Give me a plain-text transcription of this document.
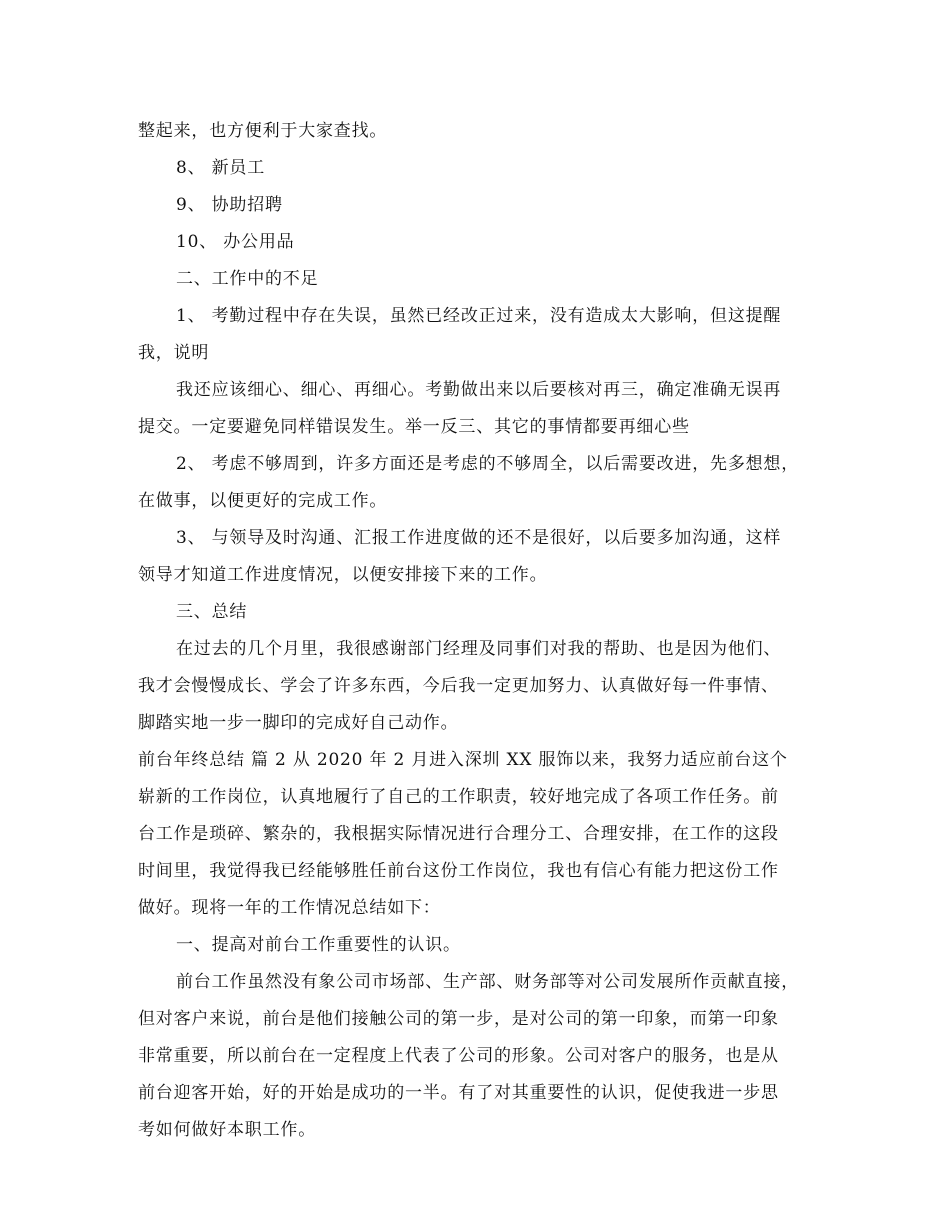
整起来，也方便利于大家查找。
8、 新员工
9、 协助招聘
10、 办公用品
二、工作中的不足
1、 考勤过程中存在失误，虽然已经改正过来，没有造成太大影响，但这提醒
我，说明
我还应该细心、细心、再细心。考勤做出来以后要核对再三，确定准确无误再
提交。一定要避免同样错误发生。举一反三、其它的事情都要再细心些
2、 考虑不够周到，许多方面还是考虑的不够周全，以后需要改进，先多想想，
在做事，以便更好的完成工作。
3、 与领导及时沟通、汇报工作进度做的还不是很好，以后要多加沟通，这样
领导才知道工作进度情况，以便安排接下来的工作。
三、总结
在过去的几个月里，我很感谢部门经理及同事们对我的帮助、也是因为他们、
我才会慢慢成长、学会了许多东西，今后我一定更加努力、认真做好每一件事情、
脚踏实地一步一脚印的完成好自己动作。
前台年终总结 篇 2 从 2020 年 2 月进入深圳 XX 服饰以来，我努力适应前台这个
崭新的工作岗位，认真地履行了自己的工作职责，较好地完成了各项工作任务。前
台工作是琐碎、繁杂的，我根据实际情况进行合理分工、合理安排，在工作的这段
时间里，我觉得我已经能够胜任前台这份工作岗位，我也有信心有能力把这份工作
做好。现将一年的工作情况总结如下：
一、提高对前台工作重要性的认识。
前台工作虽然没有象公司市场部、生产部、财务部等对公司发展所作贡献直接，
但对客户来说，前台是他们接触公司的第一步，是对公司的第一印象，而第一印象
非常重要，所以前台在一定程度上代表了公司的形象。公司对客户的服务，也是从
前台迎客开始，好的开始是成功的一半。有了对其重要性的认识，促使我进一步思
考如何做好本职工作。
